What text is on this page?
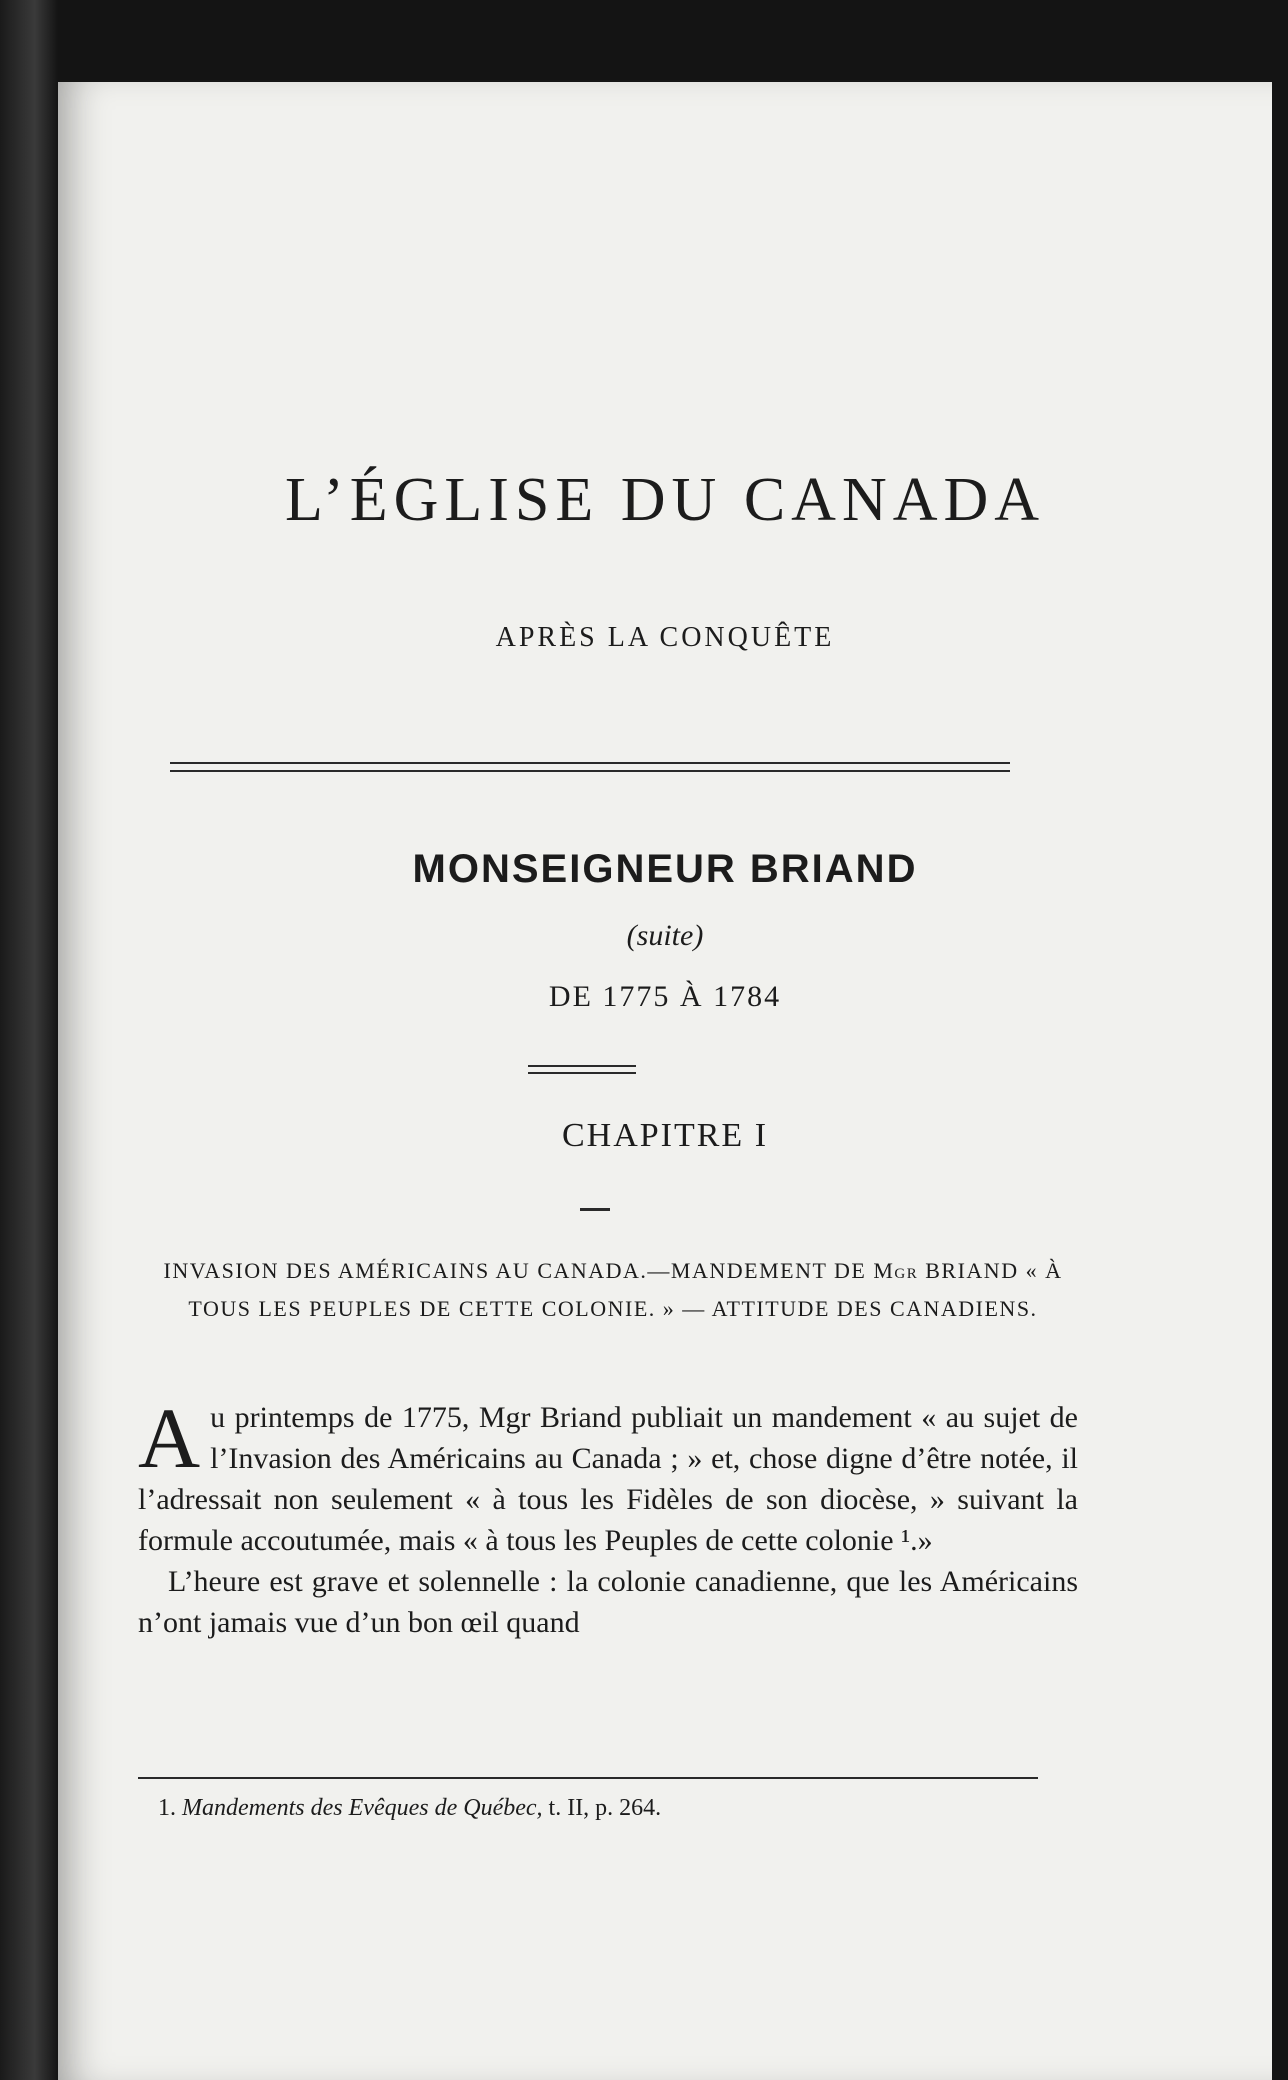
L’ÉGLISE DU CANADA
APRÈS LA CONQUÊTE
MONSEIGNEUR BRIAND
(suite)
DE 1775 À 1784
CHAPITRE I
INVASION DES AMÉRICAINS AU CANADA.—MANDEMENT DE Mgr BRIAND « À TOUS LES PEUPLES DE CETTE COLONIE. » — ATTITUDE DES CANADIENS.

Au printemps de 1775, Mgr Briand publiait un mandement « au sujet de l’Invasion des Américains au Canada ; » et, chose digne d’être notée, il l’adressait non seulement « à tous les Fidèles de son diocèse, » suivant la formule accoutumée, mais « à tous les Peuples de cette colonie ¹.»

L’heure est grave et solennelle : la colonie canadienne, que les Américains n’ont jamais vue d’un bon œil quand

1. Mandements des Evêques de Québec, t. II, p. 264.
